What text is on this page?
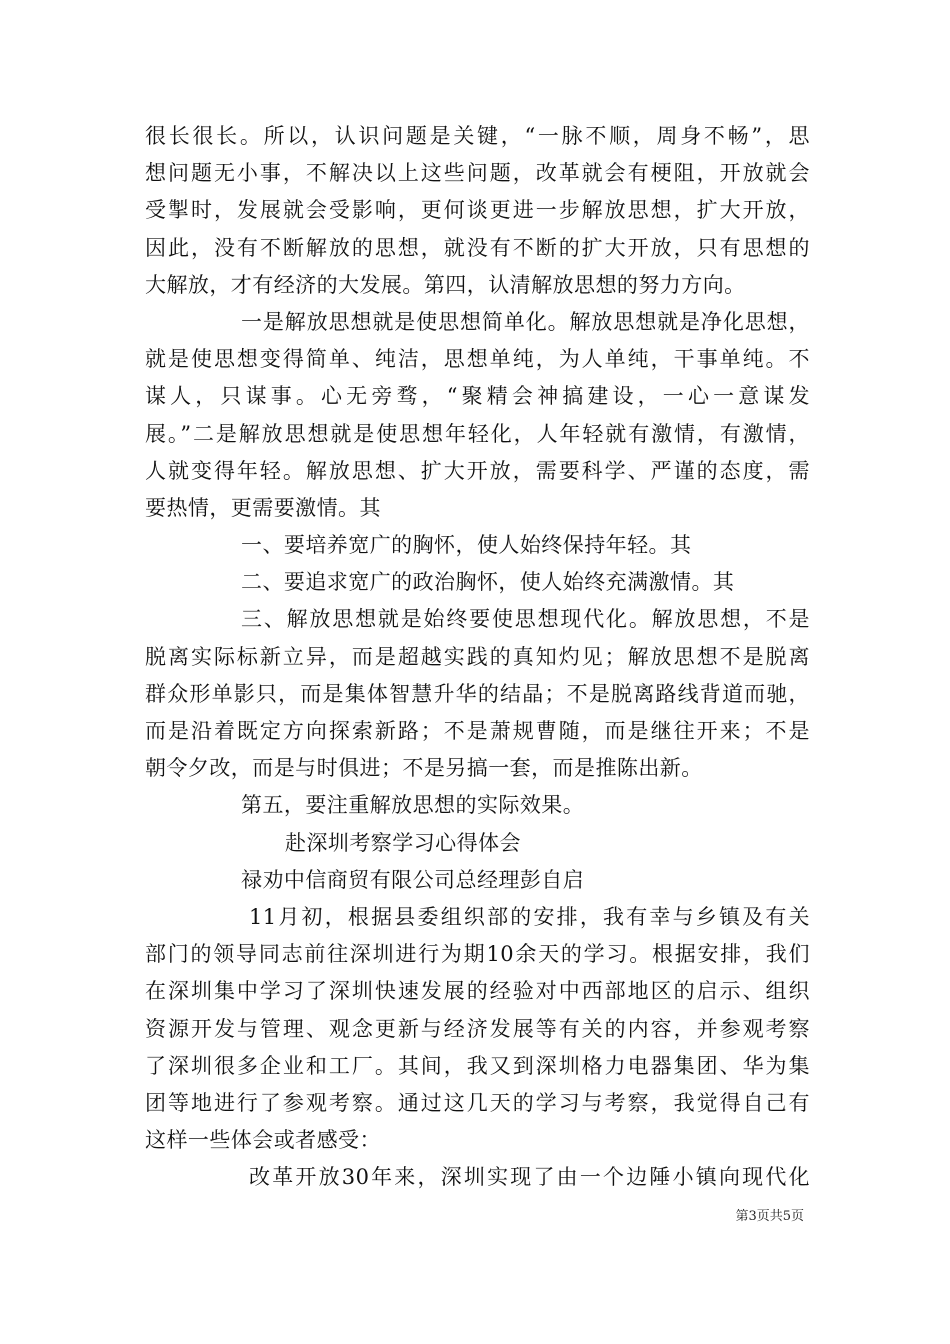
很长很长。所以，认识问题是关键，“一脉不顺，周身不畅”，思
想问题无小事，不解决以上这些问题，改革就会有梗阻，开放就会
受掣时，发展就会受影响，更何谈更进一步解放思想，扩大开放，
因此，没有不断解放的思想，就没有不断的扩大开放，只有思想的
大解放，才有经济的大发展。第四，认清解放思想的努力方向。
一是解放思想就是使思想简单化。解放思想就是净化思想，
就是使思想变得简单、纯洁，思想单纯，为人单纯，干事单纯。不
谋人，只谋事。心无旁骛，“聚精会神搞建设，一心一意谋发
展。”二是解放思想就是使思想年轻化，人年轻就有激情，有激情，
人就变得年轻。解放思想、扩大开放，需要科学、严谨的态度，需
要热情，更需要激情。其
一、要培养宽广的胸怀，使人始终保持年轻。其
二、要追求宽广的政治胸怀，使人始终充满激情。其
三、解放思想就是始终要使思想现代化。解放思想，不是
脱离实际标新立异，而是超越实践的真知灼见；解放思想不是脱离
群众形单影只，而是集体智慧升华的结晶；不是脱离路线背道而驰，
而是沿着既定方向探索新路；不是萧规曹随，而是继往开来；不是
朝令夕改，而是与时俱进；不是另搞一套，而是推陈出新。
第五，要注重解放思想的实际效果。
赴深圳考察学习心得体会
禄劝中信商贸有限公司总经理彭自启
11月初，根据县委组织部的安排，我有幸与乡镇及有关
部门的领导同志前往深圳进行为期10余天的学习。根据安排，我们
在深圳集中学习了深圳快速发展的经验对中西部地区的启示、组织
资源开发与管理、观念更新与经济发展等有关的内容，并参观考察
了深圳很多企业和工厂。其间，我又到深圳格力电器集团、华为集
团等地进行了参观考察。通过这几天的学习与考察，我觉得自己有
这样一些体会或者感受：
改革开放30年来，深圳实现了由一个边陲小镇向现代化
第3页共5页
